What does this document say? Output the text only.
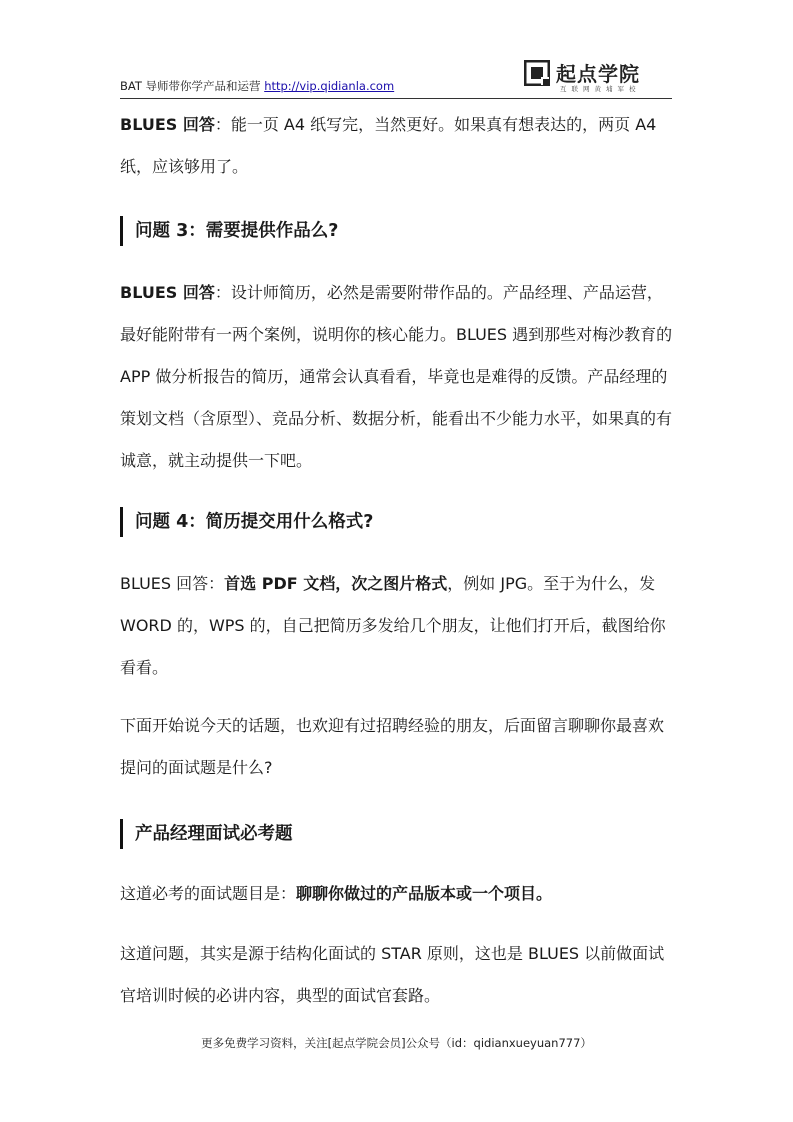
BAT 导师带你学产品和运营 http://vip.qidianla.com	起点学院
互联网黄埔军校

BLUES 回答：能一页 A4 纸写完，当然更好。如果真有想表达的，两页 A4 纸，应该够用了。

问题 3：需要提供作品么?

BLUES 回答：设计师简历，必然是需要附带作品的。产品经理、产品运营，最好能附带有一两个案例，说明你的核心能力。BLUES 遇到那些对梅沙教育的 APP 做分析报告的简历，通常会认真看看，毕竟也是难得的反馈。产品经理的策划文档（含原型）、竞品分析、数据分析，能看出不少能力水平，如果真的有诚意，就主动提供一下吧。

问题 4：简历提交用什么格式?

BLUES 回答：首选 PDF 文档，次之图片格式，例如 JPG。至于为什么，发 WORD 的，WPS 的，自己把简历多发给几个朋友，让他们打开后，截图给你看看。

下面开始说今天的话题，也欢迎有过招聘经验的朋友，后面留言聊聊你最喜欢提问的面试题是什么?

产品经理面试必考题

这道必考的面试题目是：聊聊你做过的产品版本或一个项目。

这道问题，其实是源于结构化面试的 STAR 原则，这也是 BLUES 以前做面试官培训时候的必讲内容，典型的面试官套路。

更多免费学习资料，关注[起点学院会员]公众号（id：qidianxueyuan777）
